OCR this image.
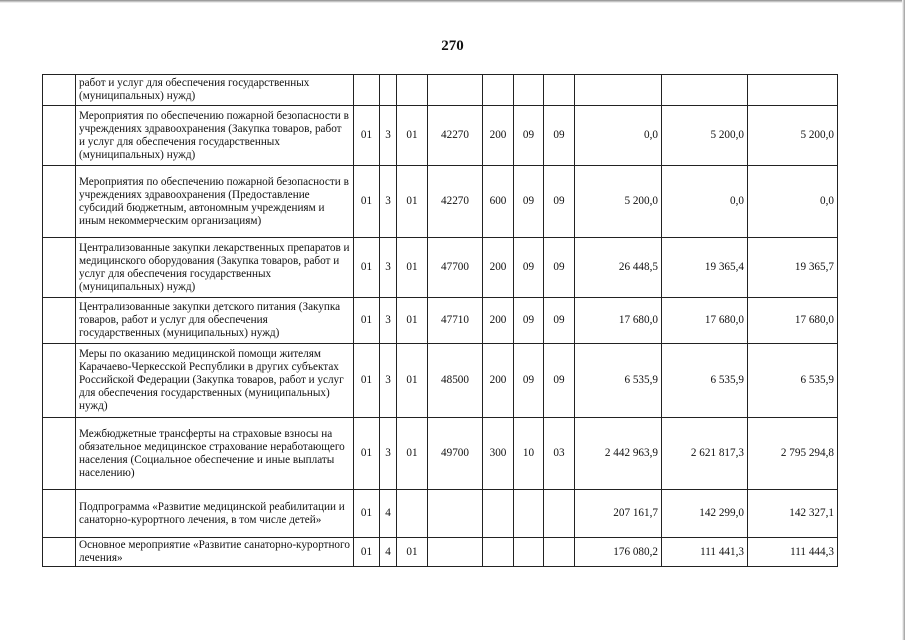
270
	работ и услуг для обеспечения государственных (муниципальных) нужд)										
	Мероприятия по обеспечению пожарной безопасности в учреждениях здравоохранения (Закупка товаров, работ и услуг для обеспечения государственных (муниципальных) нужд)	01	3	01	42270	200	09	09	0,0	5 200,0	5 200,0
	Мероприятия по обеспечению пожарной безопасности в учреждениях здравоохранения (Предоставление субсидий бюджетным, автономным учреждениям и иным некоммерческим организациям)	01	3	01	42270	600	09	09	5 200,0	0,0	0,0
	Централизованные закупки лекарственных препаратов и медицинского оборудования (Закупка товаров, работ и услуг для обеспечения государственных (муниципальных) нужд)	01	3	01	47700	200	09	09	26 448,5	19 365,4	19 365,7
	Централизованные закупки детского питания (Закупка товаров, работ и услуг для обеспечения государственных (муниципальных) нужд)	01	3	01	47710	200	09	09	17 680,0	17 680,0	17 680,0
	Меры по оказанию медицинской помощи жителям Карачаево-Черкесской Республики в других субъектах Российской Федерации (Закупка товаров, работ и услуг для обеспечения государственных (муниципальных) нужд)	01	3	01	48500	200	09	09	6 535,9	6 535,9	6 535,9
	Межбюджетные трансферты на страховые взносы на обязательное медицинское страхование неработающего населения (Социальное обеспечение и иные выплаты населению)	01	3	01	49700	300	10	03	2 442 963,9	2 621 817,3	2 795 294,8
	Подпрограмма «Развитие медицинской реабилитации и санаторно-курортного лечения, в том числе детей»	01	4						207 161,7	142 299,0	142 327,1
	Основное мероприятие «Развитие санаторно-курортного лечения»	01	4	01					176 080,2	111 441,3	111 444,3
